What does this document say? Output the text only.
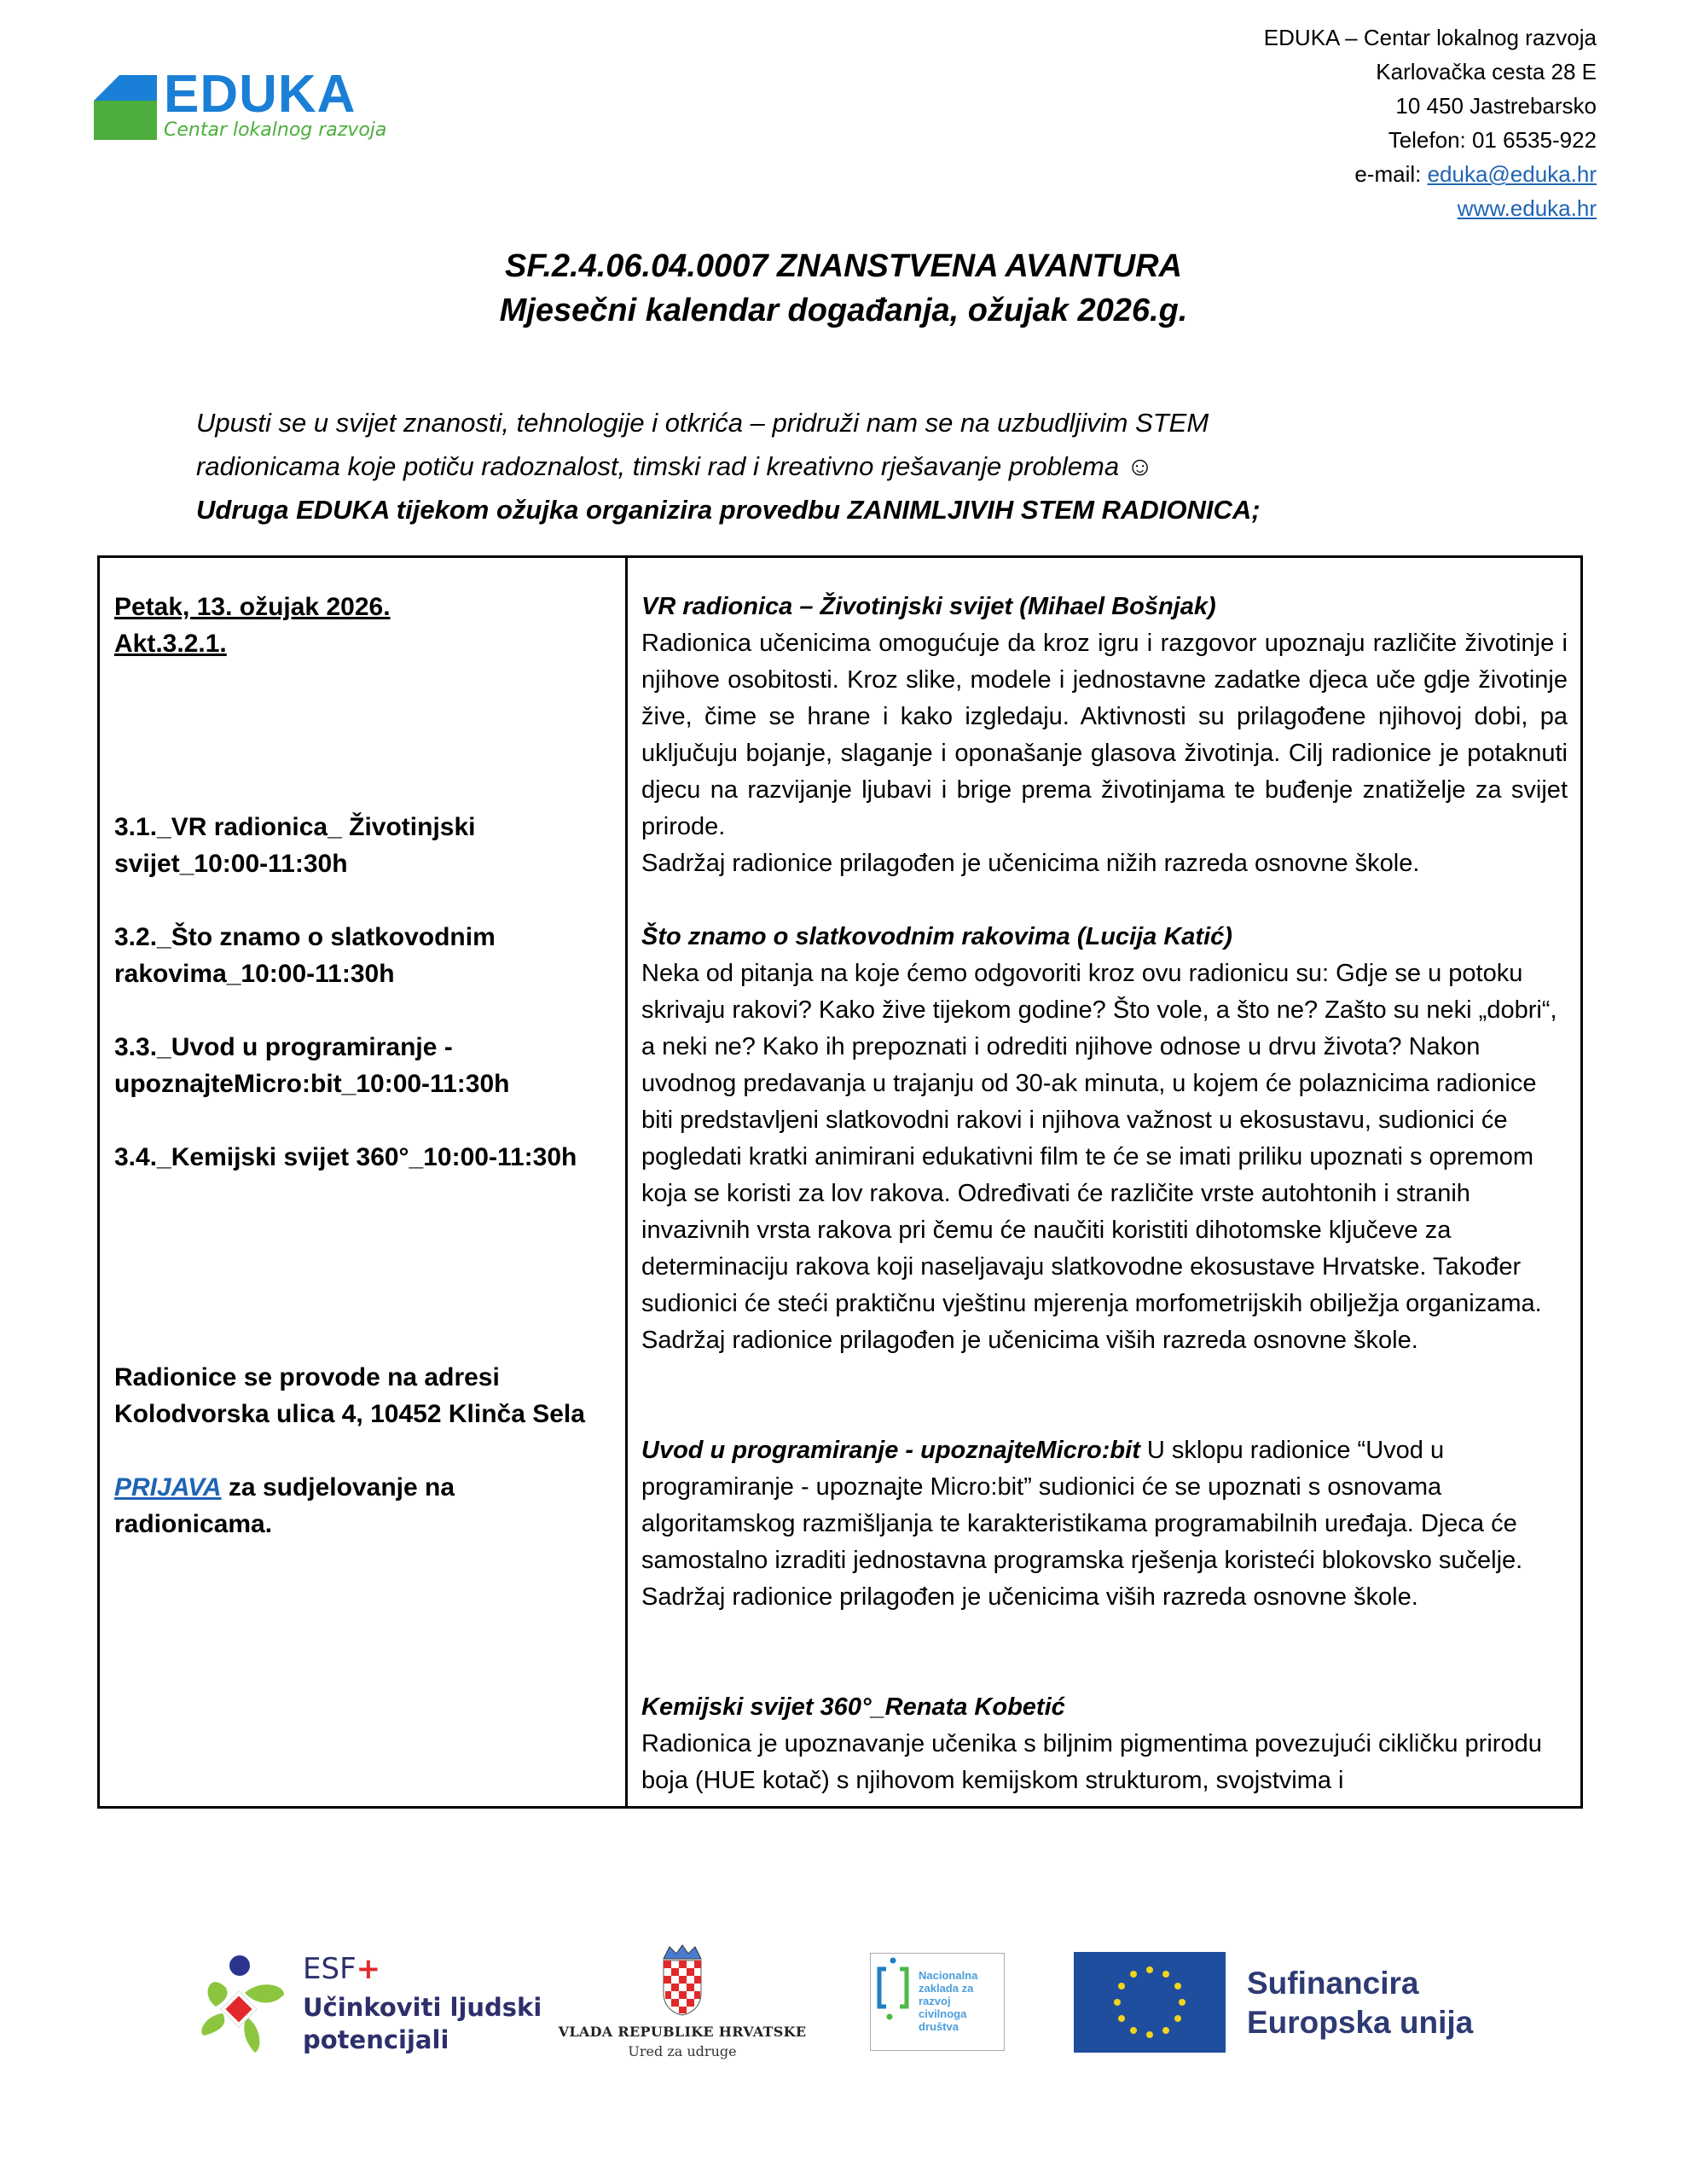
EDUKA
Centar lokalnog razvoja
EDUKA – Centar lokalnog razvoja
Karlovačka cesta 28 E
10 450 Jastrebarsko
Telefon: 01 6535-922
e-mail: eduka@eduka.hr
www.eduka.hr
SF.2.4.06.04.0007 ZNANSTVENA AVANTURA
Mjesečni kalendar događanja, ožujak 2026.g.
Upusti se u svijet znanosti, tehnologije i otkrića – pridruži nam se na uzbudljivim STEM
radionicama koje potiču radoznalost, timski rad i kreativno rješavanje problema ☺
Udruga EDUKA tijekom ožujka organizira provedbu ZANIMLJIVIH STEM RADIONICA;
Petak, 13. ožujak 2026.
Akt.3.2.1.
3.1._VR radionica_ Životinjski
svijet_10:00-11:30h
3.2._Što znamo o slatkovodnim
rakovima_10:00-11:30h
3.3._Uvod u programiranje -
upoznajteMicro:bit_10:00-11:30h
3.4._Kemijski svijet 360°_10:00-11:30h
Radionice se provode na adresi
Kolodvorska ulica 4, 10452 Klinča Sela
PRIJAVA za sudjelovanje na
radionicama.

VR radionica – Životinjski svijet (Mihael Bošnjak)

Radionica učenicima omogućuje da kroz igru i razgovor upoznaju različite životinje i njihove osobitosti. Kroz slike, modele i jednostavne zadatke djeca uče gdje životinje žive, čime se hrane i kako izgledaju. Aktivnosti su prilagođene njihovoj dobi, pa uključuju bojanje, slaganje i oponašanje glasova životinja. Cilj radionice je potaknuti djecu na razvijanje ljubavi i brige prema životinjama te buđenje znatiželje za svijet prirode.

Sadržaj radionice prilagođen je učenicima nižih razreda osnovne škole.

Što znamo o slatkovodnim rakovima (Lucija Katić)

Neka od pitanja na koje ćemo odgovoriti kroz ovu radionicu su: Gdje se u potoku skrivaju rakovi? Kako žive tijekom godine? Što vole, a što ne? Zašto su neki „dobri“, a neki ne? Kako ih prepoznati i odrediti njihove odnose u drvu života? Nakon uvodnog predavanja u trajanju od 30-ak minuta, u kojem će polaznicima radionice biti predstavljeni slatkovodni rakovi i njihova važnost u ekosustavu, sudionici će pogledati kratki animirani edukativni film te će se imati priliku upoznati s opremom koja se koristi za lov rakova. Određivati će različite vrste autohtonih i stranih invazivnih vrsta rakova pri čemu će naučiti koristiti dihotomske ključeve za determinaciju rakova koji naseljavaju slatkovodne ekosustave Hrvatske. Također sudionici će steći praktičnu vještinu mjerenja morfometrijskih obilježja organizama.

Sadržaj radionice prilagođen je učenicima viših razreda osnovne škole.

Uvod u programiranje - upoznajteMicro:bit U sklopu radionice “Uvod u programiranje - upoznajte Micro:bit” sudionici će se upoznati s osnovama algoritamskog razmišljanja te karakteristikama programabilnih uređaja. Djeca će samostalno izraditi jednostavna programska rješenja koristeći blokovsko sučelje. Sadržaj radionice prilagođen je učenicima viših razreda osnovne škole.

Kemijski svijet 360°_Renata Kobetić

Radionica je upoznavanje učenika s biljnim pigmentima povezujući cikličku prirodu boja (HUE kotač) s njihovom kemijskom strukturom, svojstvima i

ESF+
Učinkoviti ljudski
potencijali	VLADA REPUBLIKE HRVATSKE
Ured za udruge
Nacionalna
zaklada za
razvoj
civilnoga
društva
Sufinancira
Europska unija
